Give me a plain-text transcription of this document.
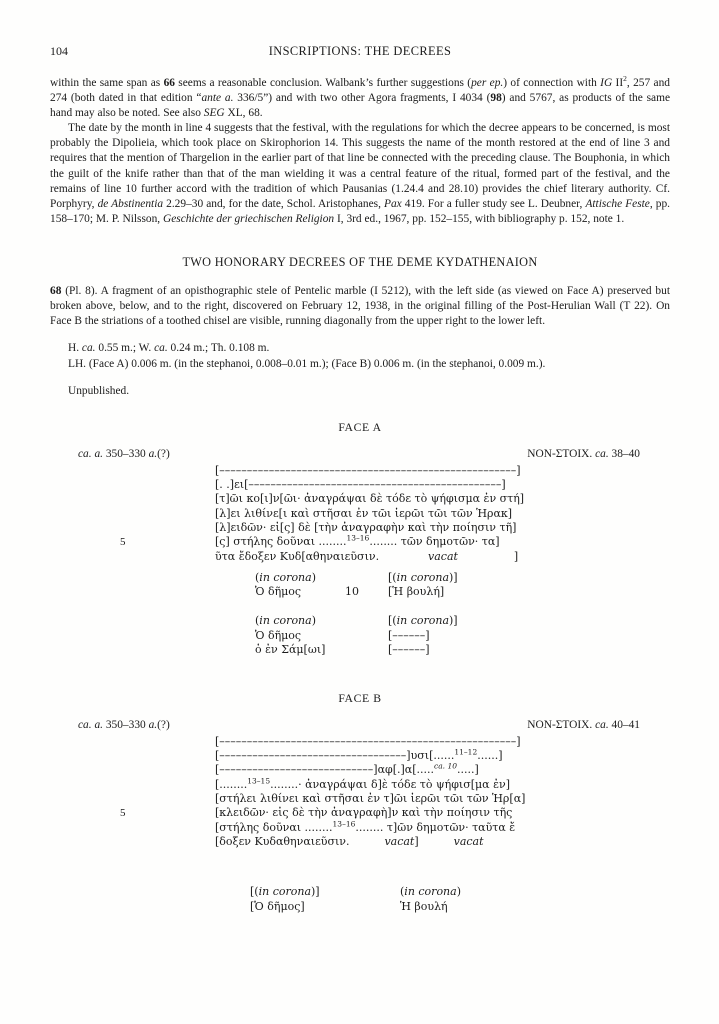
104	INSCRIPTIONS: THE DECREES

within the same span as 66 seems a reasonable conclusion. Walbank’s further suggestions (per ep.) of connection with IG $II^2$, 257 and 274 (both dated in that edition “ante a. 336/5”) and with two other Agora fragments, I 4034 (98) and 5767, as products of the same hand may also be noted. See also SEG XL, 68.

The date by the month in line 4 suggests that the festival, with the regulations for which the decree appears to be concerned, is most probably the Dipolieia, which took place on Skirophorion 14. This suggests the name of the month restored at the end of line 3 and requires that the mention of Thargelion in the earlier part of that line be connected with the preceding clause. The Bouphonia, in which the guilt of the knife rather than that of the man wielding it was a central feature of the ritual, formed part of the festival, and the remains of line 10 further accord with the tradition of which Pausanias (1.24.4 and 28.10) provides the chief literary authority. Cf. Porphyry, de Abstinentia 2.29–30 and, for the date, Schol. Aristophanes, Pax 419. For a fuller study see L. Deubner, Attische Feste, pp. 158–170; M. P. Nilsson, Geschichte der griechischen Religion I, 3rd ed., 1967, pp. 152–155, with bibliography p. 152, note 1.

TWO HONORARY DECREES OF THE DEME KYDATHENAION

68 (Pl. 8). A fragment of an opisthographic stele of Pentelic marble (I 5212), with the left side (as viewed on Face A) preserved but broken above, below, and to the right, discovered on February 12, 1938, in the original filling of the Post-Herulian Wall (T 22). On Face B the striations of a toothed chisel are visible, running diagonally from the upper right to the lower left.

H. ca. 0.55 m.; W. ca. 0.24 m.; Th. 0.108 m.
LH. (Face A) 0.006 m. (in the stephanoi, 0.008–0.01 m.); (Face B) 0.006 m. (in the stephanoi, 0.009 m.).
Unpublished.
FACE A
ca. a. 350–330 a.(?)	ΝΟΝ-ΣΤΟΙΧ. ca. 38–40
[––––––––––––––––––––––––––––––––––––––––––––––––––––––]
[. .]ει[––––––––––––––––––––––––––––––––––––––––––––––]
[τ]ῶι κο[ι]ν[ῶι· ἀναγράψαι δὲ τόδε τὸ ψήφισμα ἐν στή]
[λ]ει λιθίνε[ι καὶ στῆσαι ἐν τῶι ἱερῶι τῶι τῶν Ἡρακ]
[λ]ειδῶν· εἰ[ς] δὲ [τὴν ἀναγραφὴν καὶ τὴν ποίησιν τῆ]
5	[ς] στήλης δοῦναι ........$^{13-16}$........ τῶν δημοτῶν· τα]
ῦτα ἔδοξεν Κυδ[αθηναιεῦσιν.	vacat	]
(in corona)	[(in corona)]
Ὁ δῆμος	10	[Ἡ βουλή]
(in corona)	[(in corona)]
Ὁ δῆμος	[––––––]
ὁ ἐν Σάμ[ωι]	[––––––]
FACE B
ca. a. 350–330 a.(?)	ΝΟΝ-ΣΤΟΙΧ. ca. 40–41
[––––––––––––––––––––––––––––––––––––––––––––––––––––––]
[––––––––––––––––––––––––––––––––––]υσι[......$^{11-12}$......]
[––––––––––––––––––––––––––––]αφ[.]α[.....$^{ca. 10}$.....]
[........$^{13-15}$........· ἀναγράψαι δ]ὲ τόδε τὸ ψήφισ[μα ἐν]
[στήλει λιθίνει καὶ στῆσαι ἐν τ]ῶι ἱερῶι τῶι τῶν Ἡρ[α]
5	[κλειδῶν· εἰς δὲ τὴν ἀναγραφὴ]ν καὶ τὴν ποίησιν τῆς
[στήλης δοῦναι ........$^{13-16}$........ τ]ῶν δημοτῶν· ταῦτα ἔ
[δοξεν Κυδαθηναιεῦσιν.	vacat]	vacat
[(in corona)]	(in corona)
[Ὁ δῆμος]	Ἡ βουλή
